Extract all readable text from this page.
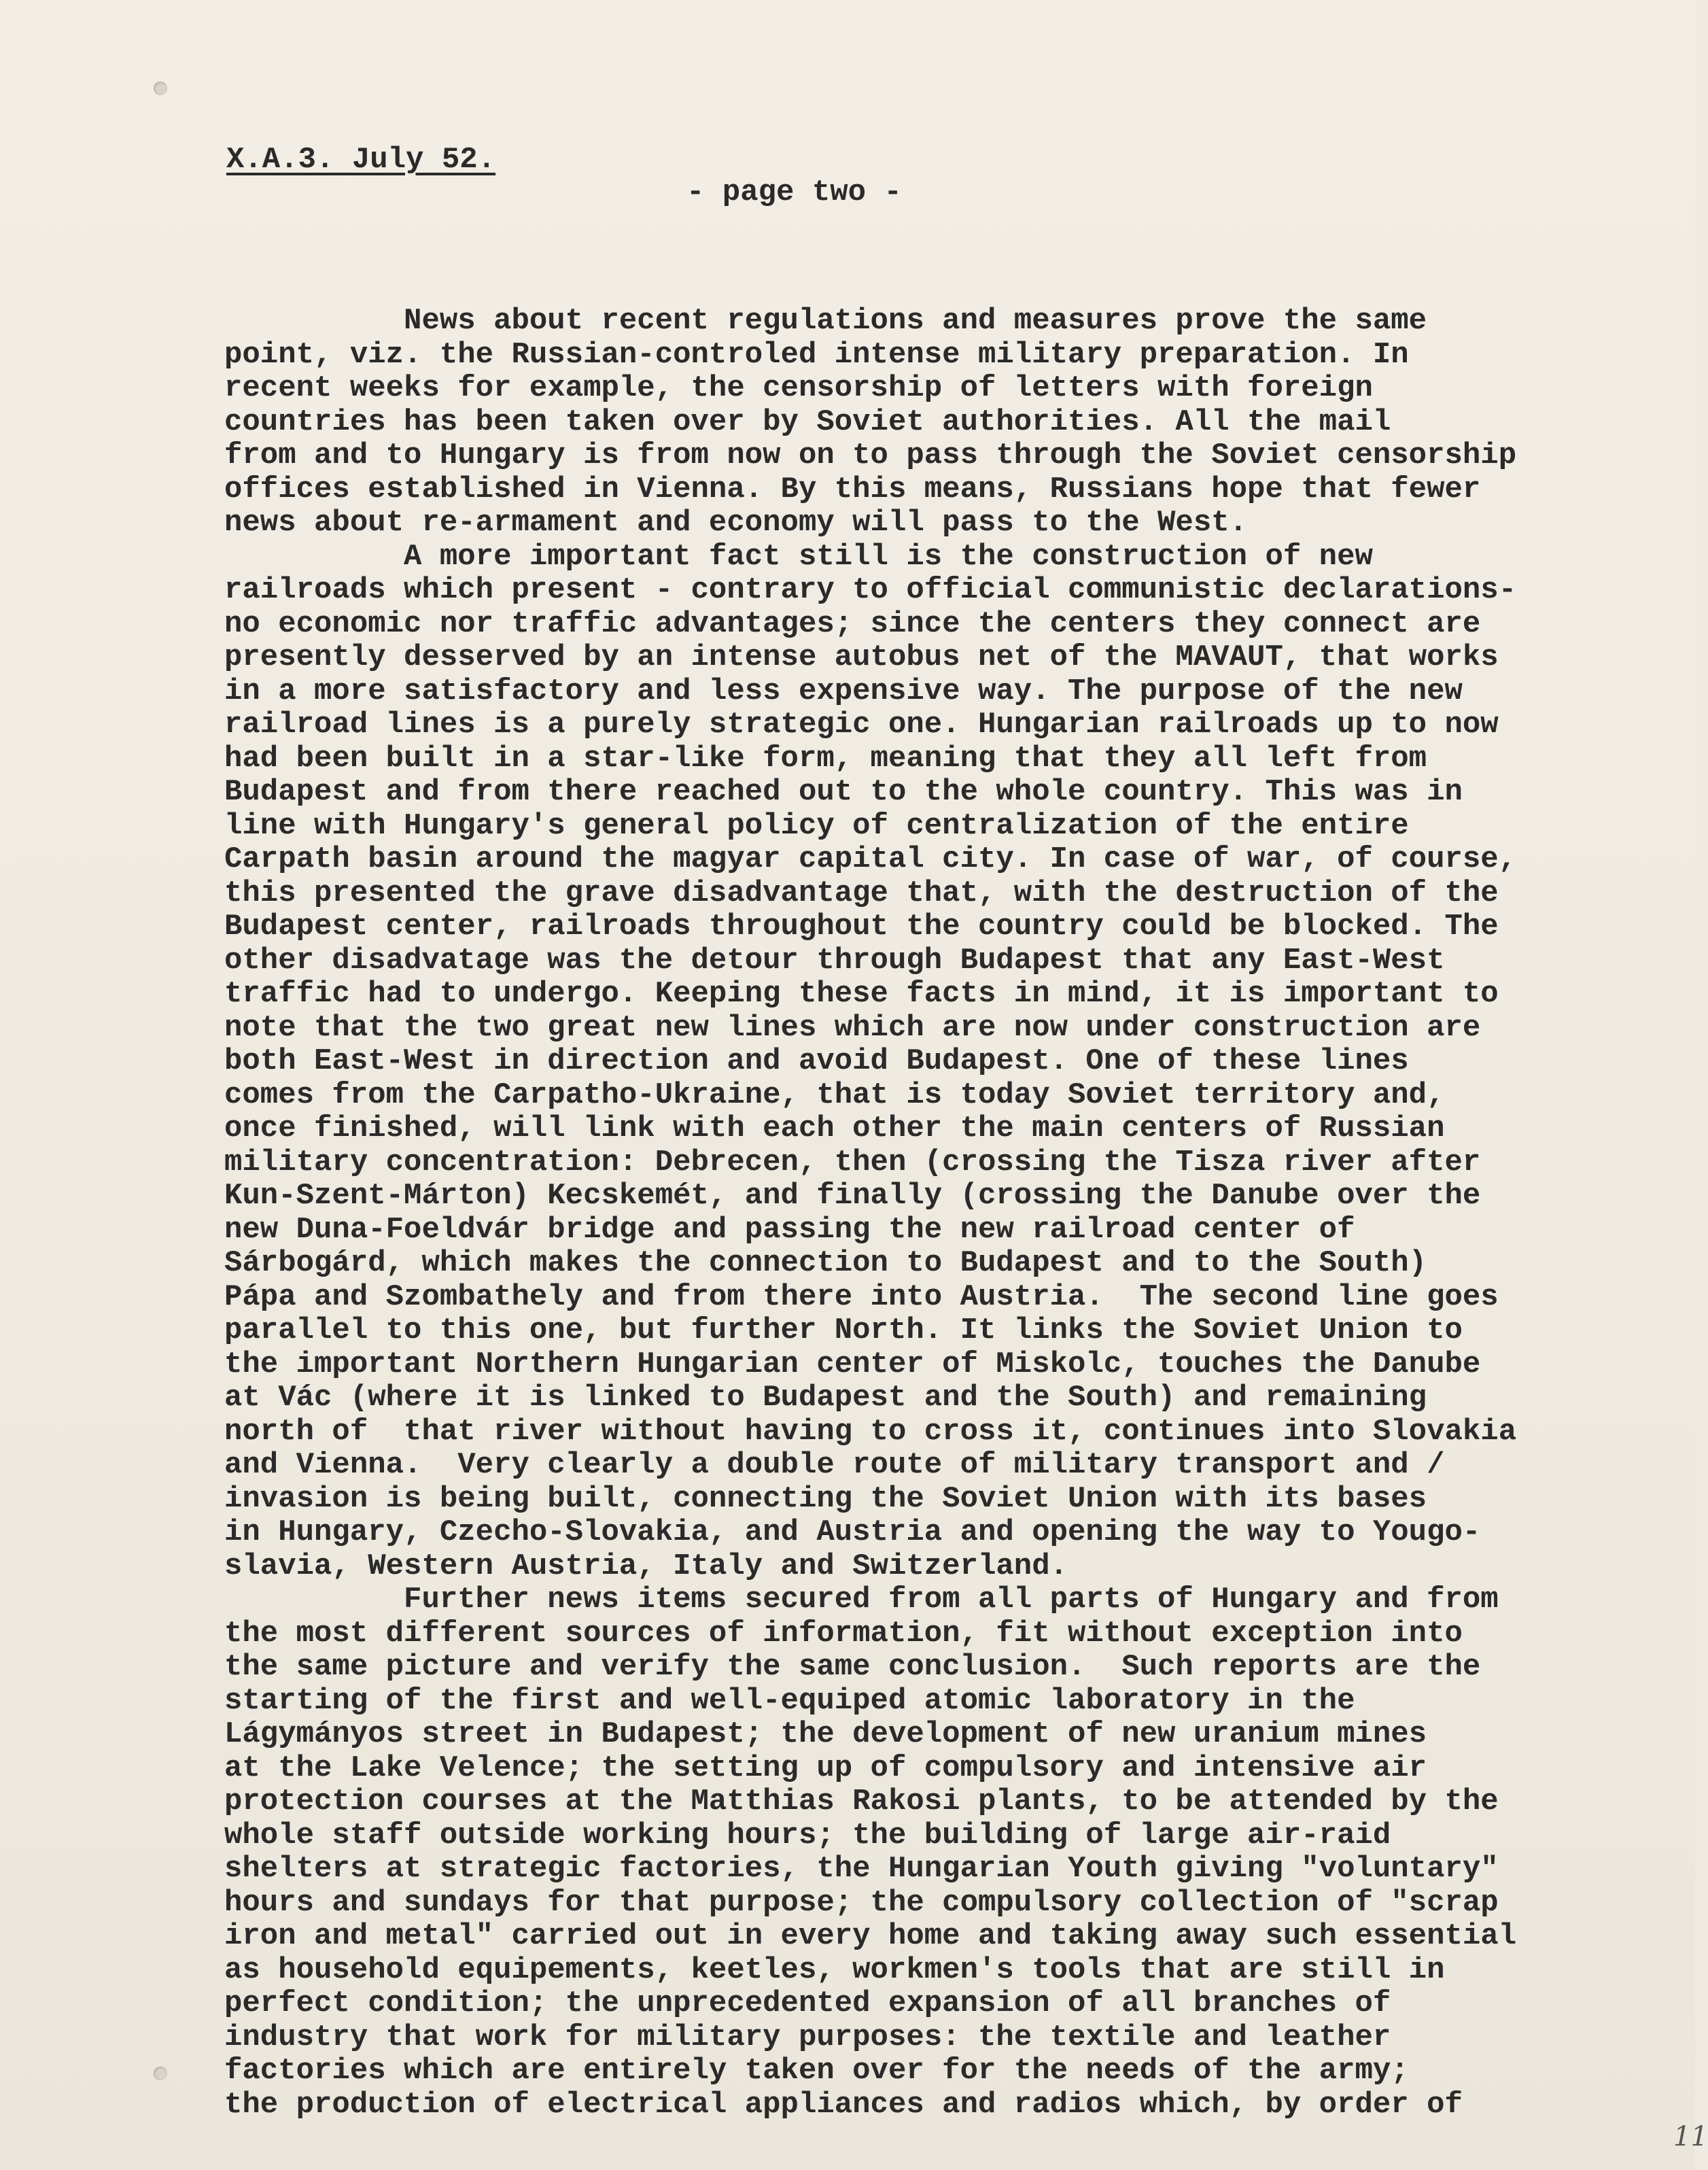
X.A.3. July 52.
- page two -
News about recent regulations and measures prove the same
point, viz. the Russian-controled intense military preparation. In
recent weeks for example, the censorship of letters with foreign
countries has been taken over by Soviet authorities. All the mail
from and to Hungary is from now on to pass through the Soviet censorship
offices established in Vienna. By this means, Russians hope that fewer
news about re-armament and economy will pass to the West.
A more important fact still is the construction of new
railroads which present - contrary to official communistic declarations-
no economic nor traffic advantages; since the centers they connect are
presently desserved by an intense autobus net of the MAVAUT, that works
in a more satisfactory and less expensive way. The purpose of the new
railroad lines is a purely strategic one. Hungarian railroads up to now
had been built in a star-like form, meaning that they all left from
Budapest and from there reached out to the whole country. This was in
line with Hungary's general policy of centralization of the entire
Carpath basin around the magyar capital city. In case of war, of course,
this presented the grave disadvantage that, with the destruction of the
Budapest center, railroads throughout the country could be blocked. The
other disadvatage was the detour through Budapest that any East-West
traffic had to undergo. Keeping these facts in mind, it is important to
note that the two great new lines which are now under construction are
both East-West in direction and avoid Budapest. One of these lines
comes from the Carpatho-Ukraine, that is today Soviet territory and,
once finished, will link with each other the main centers of Russian
military concentration: Debrecen, then (crossing the Tisza river after
Kun-Szent-Márton) Kecskemét, and finally (crossing the Danube over the
new Duna-Foeldvár bridge and passing the new railroad center of
Sárbogárd, which makes the connection to Budapest and to the South)
Pápa and Szombathely and from there into Austria.  The second line goes
parallel to this one, but further North. It links the Soviet Union to
the important Northern Hungarian center of Miskolc, touches the Danube
at Vác (where it is linked to Budapest and the South) and remaining
north of  that river without having to cross it, continues into Slovakia
and Vienna.  Very clearly a double route of military transport and /
invasion is being built, connecting the Soviet Union with its bases
in Hungary, Czecho-Slovakia, and Austria and opening the way to Yougo-
slavia, Western Austria, Italy and Switzerland.
Further news items secured from all parts of Hungary and from
the most different sources of information, fit without exception into
the same picture and verify the same conclusion.  Such reports are the
starting of the first and well-equiped atomic laboratory in the
Lágymányos street in Budapest; the development of new uranium mines
at the Lake Velence; the setting up of compulsory and intensive air
protection courses at the Matthias Rakosi plants, to be attended by the
whole staff outside working hours; the building of large air-raid
shelters at strategic factories, the Hungarian Youth giving "voluntary"
hours and sundays for that purpose; the compulsory collection of "scrap
iron and metal" carried out in every home and taking away such essential
as household equipements, keetles, workmen's tools that are still in
perfect condition; the unprecedented expansion of all branches of
industry that work for military purposes: the textile and leather
factories which are entirely taken over for the needs of the army;
the production of electrical appliances and radios which, by order of
11
